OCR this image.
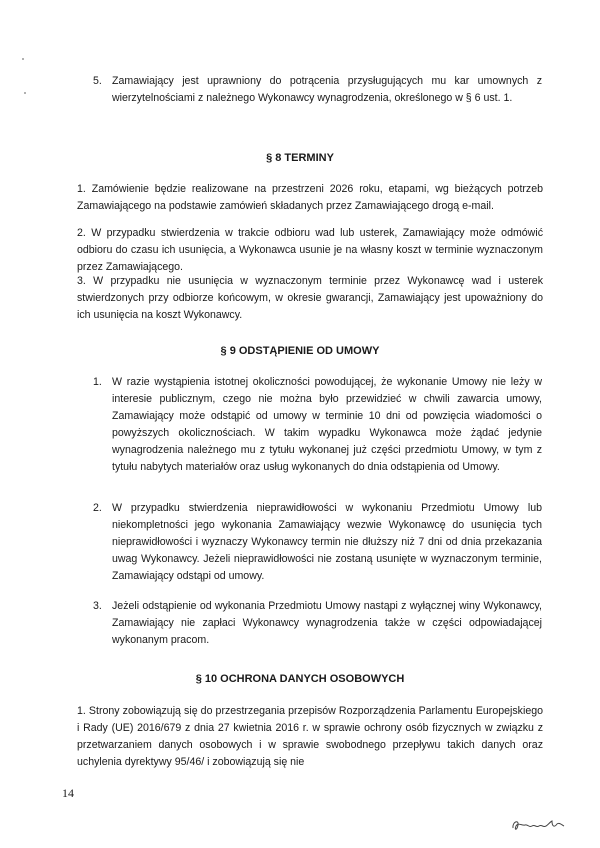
5. Zamawiający jest uprawniony do potrącenia przysługujących mu kar umownych z wierzytelnościami z należnego Wykonawcy wynagrodzenia, określonego w § 6 ust. 1.

§ 8 TERMINY

1. Zamówienie będzie realizowane na przestrzeni 2026 roku, etapami, wg bieżących potrzeb Zamawiającego na podstawie zamówień składanych przez Zamawiającego drogą e-mail.

2. W przypadku stwierdzenia w trakcie odbioru wad lub usterek, Zamawiający może odmówić odbioru do czasu ich usunięcia, a Wykonawca usunie je na własny koszt w terminie wyznaczonym przez Zamawiającego.

3. W przypadku nie usunięcia w wyznaczonym terminie przez Wykonawcę wad i usterek stwierdzonych przy odbiorze końcowym, w okresie gwarancji, Zamawiający jest upoważniony do ich usunięcia na koszt Wykonawcy.

§ 9 ODSTĄPIENIE OD UMOWY
1. W razie wystąpienia istotnej okoliczności powodującej, że wykonanie Umowy nie leży w interesie publicznym, czego nie można było przewidzieć w chwili zawarcia umowy, Zamawiający może odstąpić od umowy w terminie 10 dni od powzięcia wiadomości o powyższych okolicznościach. W takim wypadku Wykonawca może żądać jedynie wynagrodzenia należnego mu z tytułu wykonanej już części przedmiotu Umowy, w tym z tytułu nabytych materiałów oraz usług wykonanych do dnia odstąpienia od Umowy.

2. W przypadku stwierdzenia nieprawidłowości w wykonaniu Przedmiotu Umowy lub niekompletności jego wykonania Zamawiający wezwie Wykonawcę do usunięcia tych nieprawidłowości i wyznaczy Wykonawcy termin nie dłuższy niż 7 dni od dnia przekazania uwag Wykonawcy. Jeżeli nieprawidłowości nie zostaną usunięte w wyznaczonym terminie, Zamawiający odstąpi od umowy.

3. Jeżeli odstąpienie od wykonania Przedmiotu Umowy nastąpi z wyłącznej winy Wykonawcy, Zamawiający nie zapłaci Wykonawcy wynagrodzenia także w części odpowiadającej wykonanym pracom.

§ 10 OCHRONA DANYCH OSOBOWYCH

1. Strony zobowiązują się do przestrzegania przepisów Rozporządzenia Parlamentu Europejskiego i Rady (UE) 2016/679 z dnia 27 kwietnia 2016 r. w sprawie ochrony osób fizycznych w związku z przetwarzaniem danych osobowych i w sprawie swobodnego przepływu takich danych oraz uchylenia dyrektywy 95/46/ i zobowiązują się nie

14
